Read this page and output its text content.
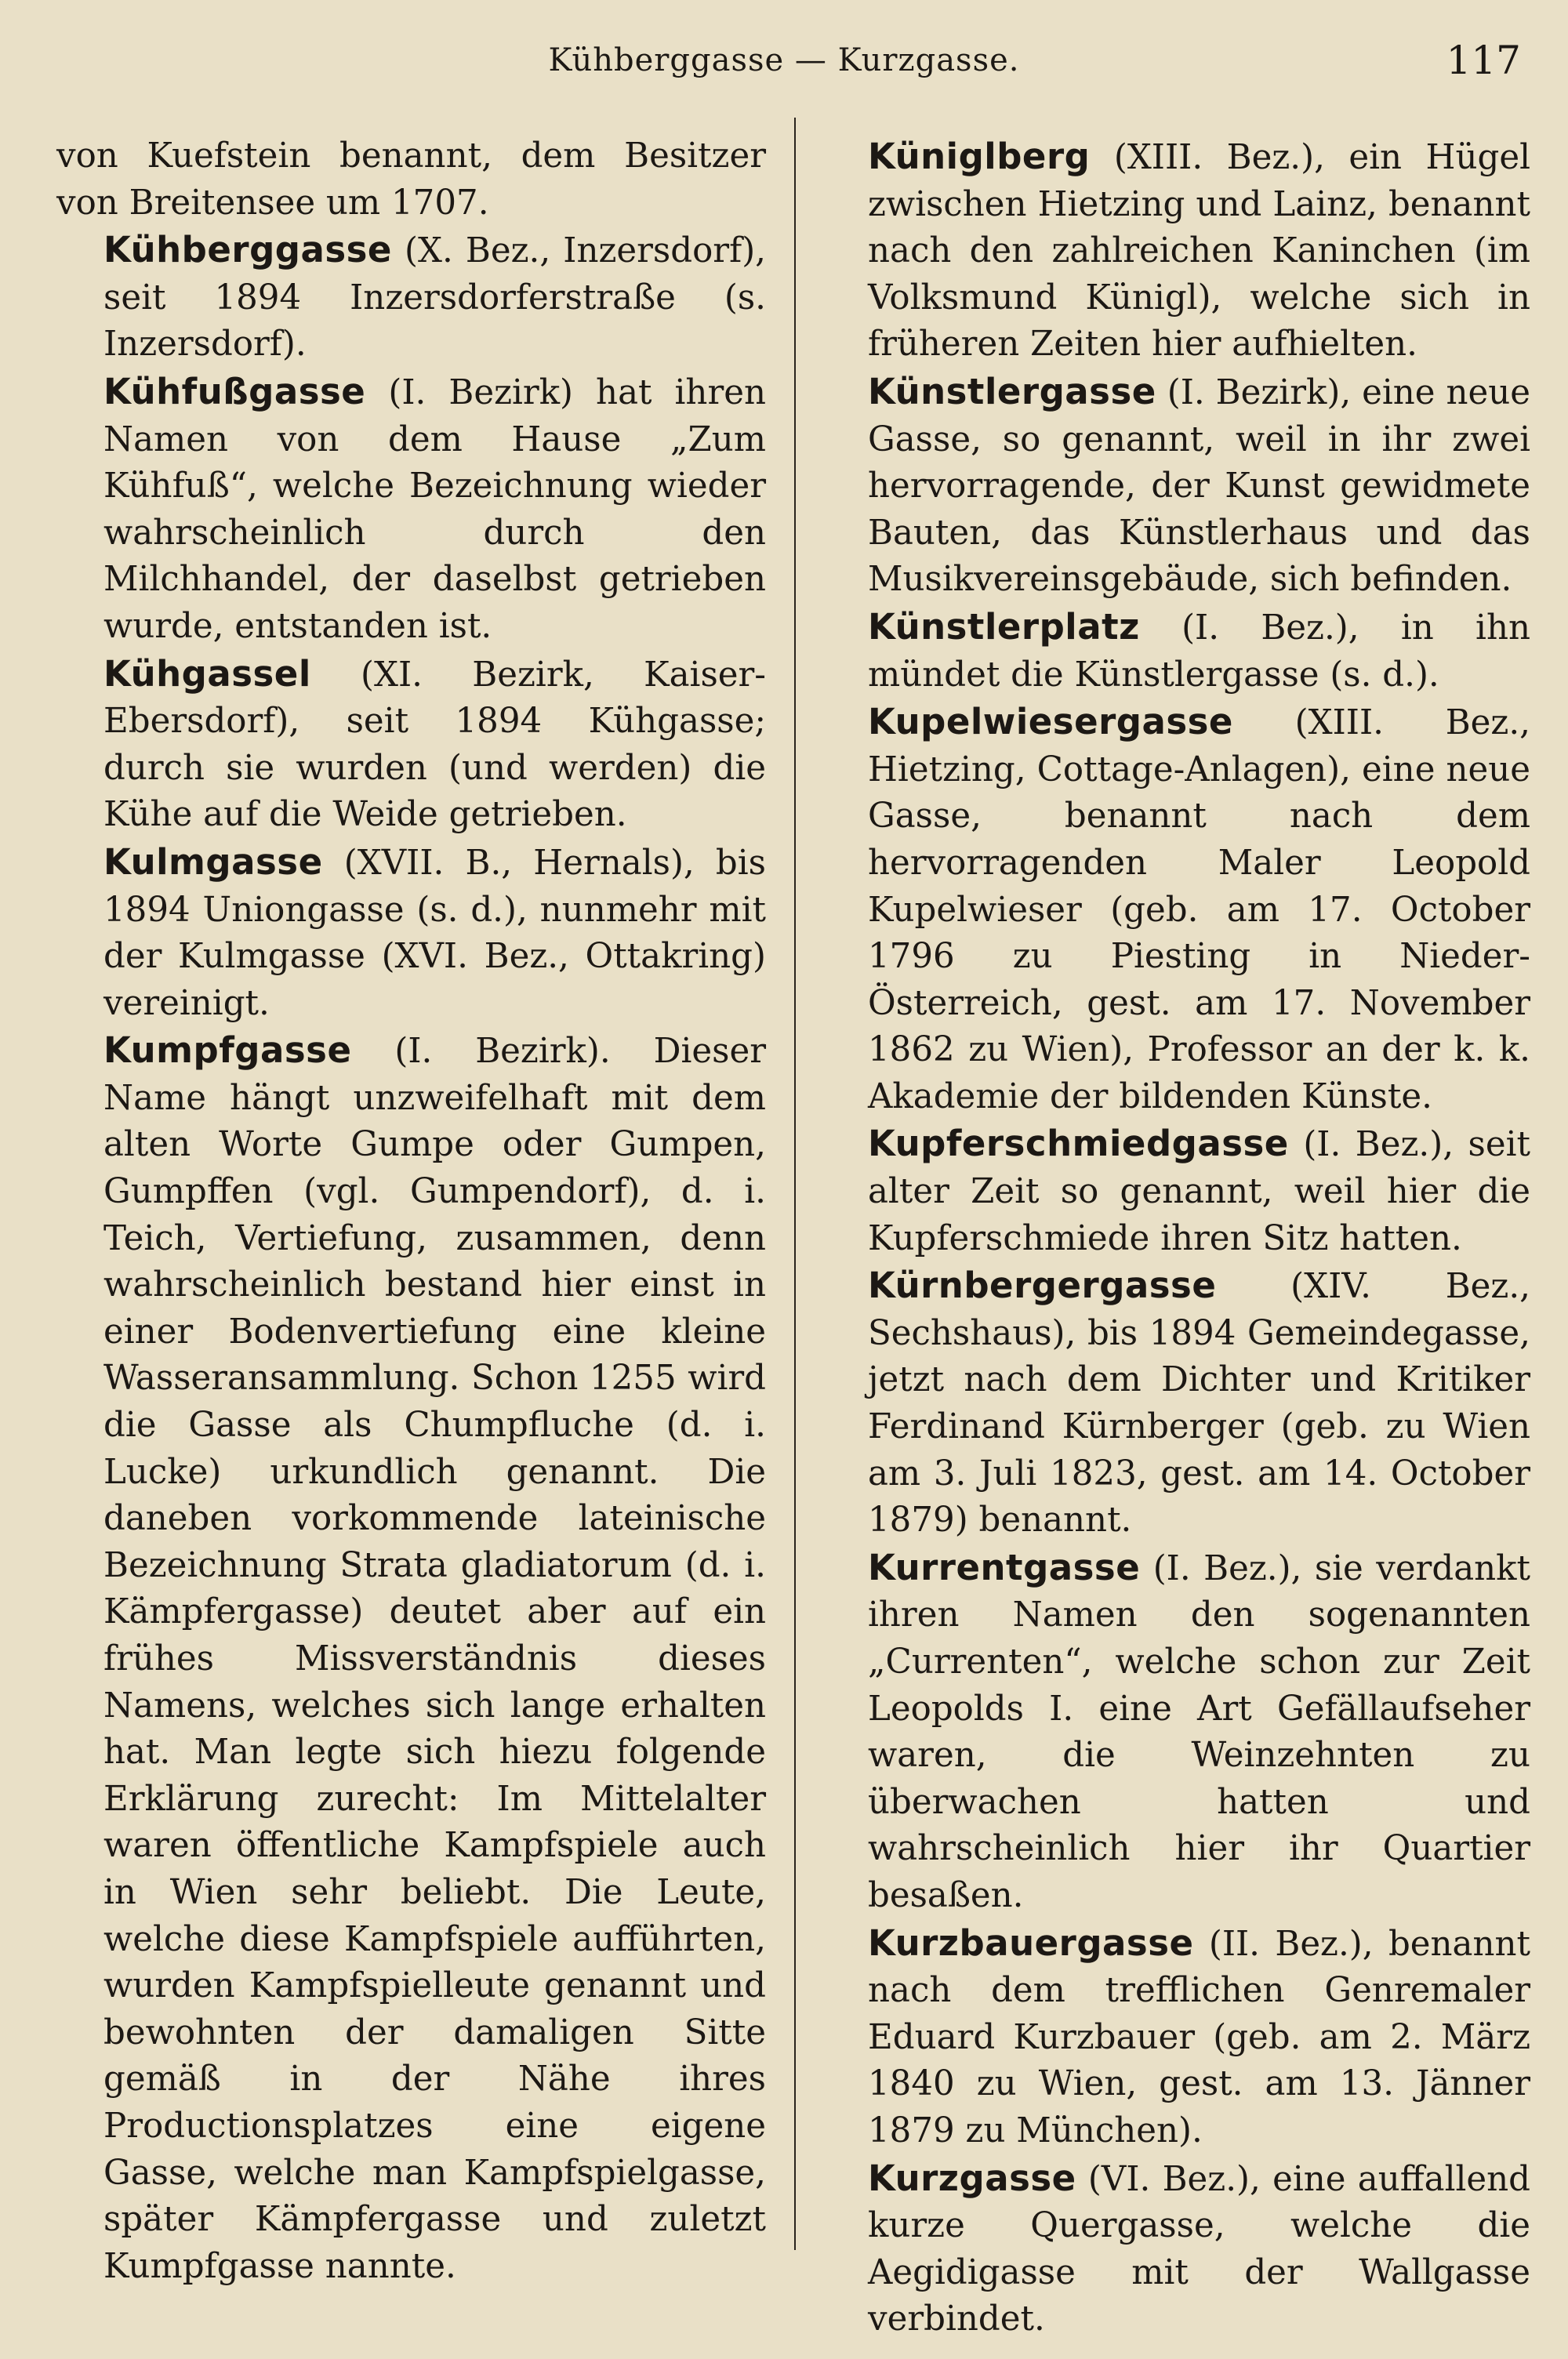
Kühberggasse — Kurzgasse.	117

von Kuefstein benannt, dem Besitzer von Breitensee um 1707.

Kühberggasse (X. Bez., Inzersdorf), seit 1894 Inzersdorferstraße (s. Inzersdorf).

Kühfußgasse (I. Bezirk) hat ihren Namen von dem Hause „Zum Kühfuß“, welche Bezeichnung wieder wahrscheinlich durch den Milchhandel, der daselbst getrieben wurde, entstanden ist.

Kühgassel (XI. Bezirk, Kaiser-Ebersdorf), seit 1894 Kühgasse; durch sie wurden (und werden) die Kühe auf die Weide getrieben.

Kulmgasse (XVII. B., Hernals), bis 1894 Uniongasse (s. d.), nunmehr mit der Kulmgasse (XVI. Bez., Ottakring) vereinigt.

Kumpfgasse (I. Bezirk). Dieser Name hängt unzweifelhaft mit dem alten Worte Gumpe oder Gumpen, Gumpffen (vgl. Gumpendorf), d. i. Teich, Vertiefung, zusammen, denn wahrscheinlich bestand hier einst in einer Bodenvertiefung eine kleine Wasseransammlung. Schon 1255 wird die Gasse als Chumpfluche (d. i. Lucke) urkundlich genannt. Die daneben vorkommende lateinische Bezeichnung Strata gladiatorum (d. i. Kämpfergasse) deutet aber auf ein frühes Missverständnis dieses Namens, welches sich lange erhalten hat. Man legte sich hiezu folgende Erklärung zurecht: Im Mittelalter waren öffentliche Kampfspiele auch in Wien sehr beliebt. Die Leute, welche diese Kampfspiele aufführten, wurden Kampfspielleute genannt und bewohnten der damaligen Sitte gemäß in der Nähe ihres Productionsplatzes eine eigene Gasse, welche man Kampfspielgasse, später Kämpfergasse und zuletzt Kumpfgasse nannte.

Küniglberg (XIII. Bez.), ein Hügel zwischen Hietzing und Lainz, benannt nach den zahlreichen Kaninchen (im Volksmund Künigl), welche sich in früheren Zeiten hier aufhielten.

Künstlergasse (I. Bezirk), eine neue Gasse, so genannt, weil in ihr zwei hervorragende, der Kunst gewidmete Bauten, das Künstlerhaus und das Musikvereinsgebäude, sich befinden.

Künstlerplatz (I. Bez.), in ihn mündet die Künstlergasse (s. d.).

Kupelwiesergasse (XIII. Bez., Hietzing, Cottage-Anlagen), eine neue Gasse, benannt nach dem hervorragenden Maler Leopold Kupelwieser (geb. am 17. October 1796 zu Piesting in Nieder-Österreich, gest. am 17. November 1862 zu Wien), Professor an der k. k. Akademie der bildenden Künste.

Kupferschmiedgasse (I. Bez.), seit alter Zeit so genannt, weil hier die Kupferschmiede ihren Sitz hatten.

Kürnbergergasse (XIV. Bez., Sechshaus), bis 1894 Gemeindegasse, jetzt nach dem Dichter und Kritiker Ferdinand Kürnberger (geb. zu Wien am 3. Juli 1823, gest. am 14. October 1879) benannt.

Kurrentgasse (I. Bez.), sie verdankt ihren Namen den sogenannten „Currenten“, welche schon zur Zeit Leopolds I. eine Art Gefällaufseher waren, die Weinzehnten zu überwachen hatten und wahrscheinlich hier ihr Quartier besaßen.

Kurzbauergasse (II. Bez.), benannt nach dem trefflichen Genremaler Eduard Kurzbauer (geb. am 2. März 1840 zu Wien, gest. am 13. Jänner 1879 zu München).

Kurzgasse (VI. Bez.), eine auffallend kurze Quergasse, welche die Aegidigasse mit der Wallgasse verbindet.
